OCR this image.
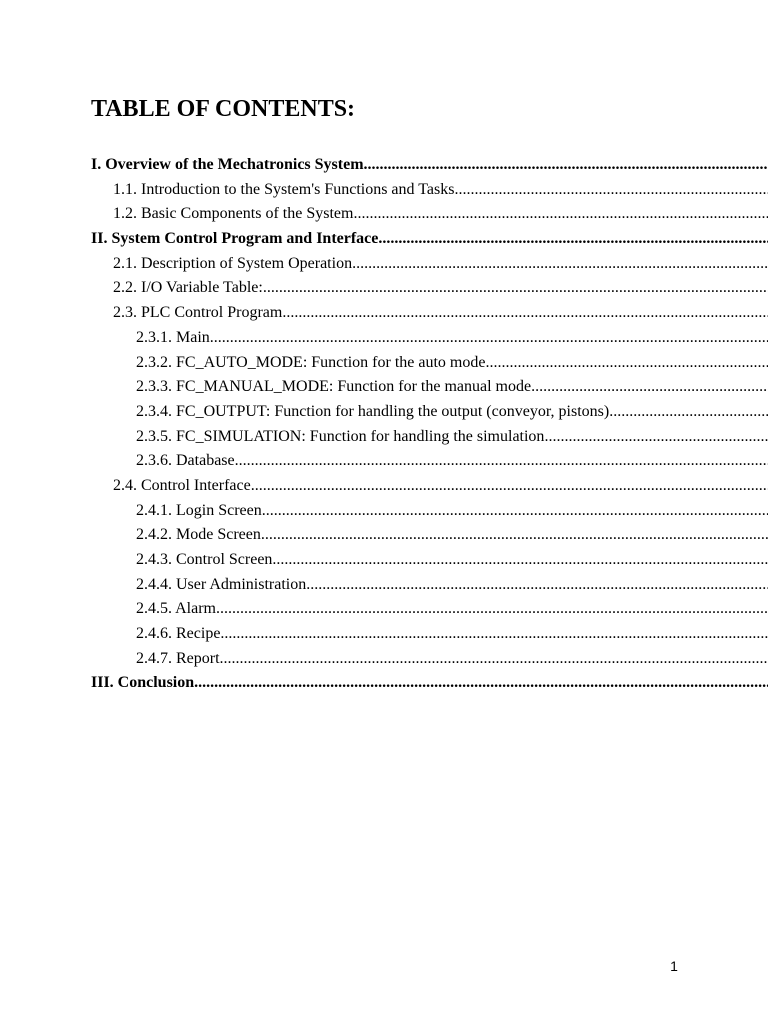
TABLE OF CONTENTS:
I. Overview of the Mechatronics System
.....
1.1. Introduction to the System's Functions and Tasks
.....
1.2. Basic Components of the System
.....
II. System Control Program and Interface
.....
2.1. Description of System Operation
.....
2.2. I/O Variable Table:
.....
2.3. PLC Control Program
.....
2.3.1. Main
.....
2.3.2. FC_AUTO_MODE: Function for the auto mode
.....
2.3.3. FC_MANUAL_MODE: Function for the manual mode
.....
2.3.4. FC_OUTPUT: Function for handling the output (conveyor, pistons)
.....
2.3.5. FC_SIMULATION: Function for handling the simulation
.....
2.3.6. Database
.....
2.4. Control Interface
.....
2.4.1. Login Screen
.....
2.4.2. Mode Screen
.....
2.4.3. Control Screen
.....
2.4.4. User Administration
.....
2.4.5. Alarm
.....
2.4.6. Recipe
.....
2.4.7. Report
.....
III. Conclusion
.....
1
